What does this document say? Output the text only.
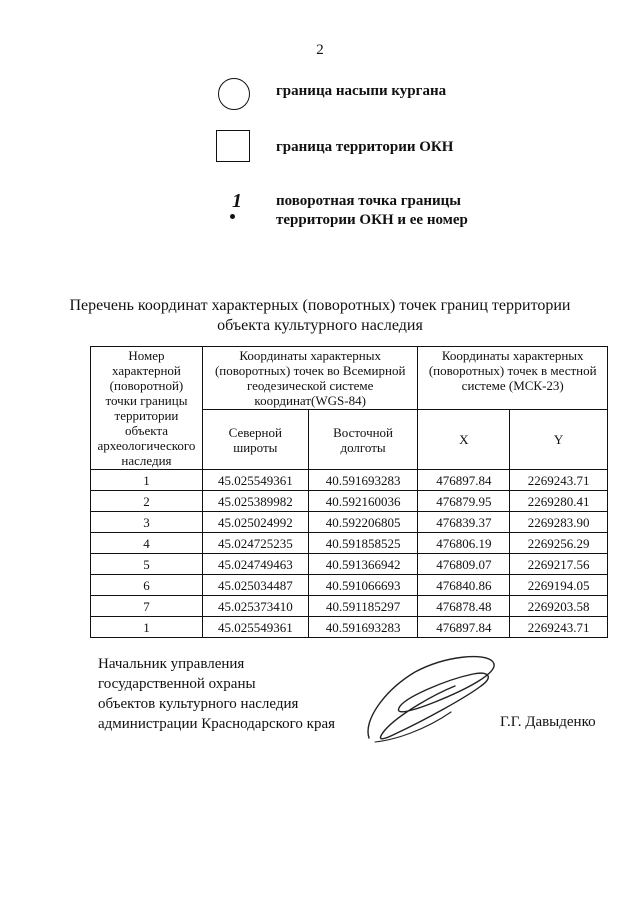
2
граница насыпи кургана
граница территории ОКН
1 поворотная точка границы
территории ОКН и ее номер
Перечень координат характерных (поворотных) точек границ территории
объекта культурного наследия
Номер характерной (поворотной) точки границы территории объекта археологического наследия	Координаты характерных (поворотных) точек во Всемирной геодезической системе координат(WGS-84)		Координаты характерных (поворотных) точек в местной системе (МСК-23)	
	Северной широты	Восточной долготы	X	Y
1	45.025549361	40.591693283	476897.84	2269243.71
2	45.025389982	40.592160036	476879.95	2269280.41
3	45.025024992	40.592206805	476839.37	2269283.90
4	45.024725235	40.591858525	476806.19	2269256.29
5	45.024749463	40.591366942	476809.07	2269217.56
6	45.025034487	40.591066693	476840.86	2269194.05
7	45.025373410	40.591185297	476878.48	2269203.58
1	45.025549361	40.591693283	476897.84	2269243.71
Начальник управления
государственной охраны
объектов культурного наследия
администрации Краснодарского края	Г.Г. Давыденко
